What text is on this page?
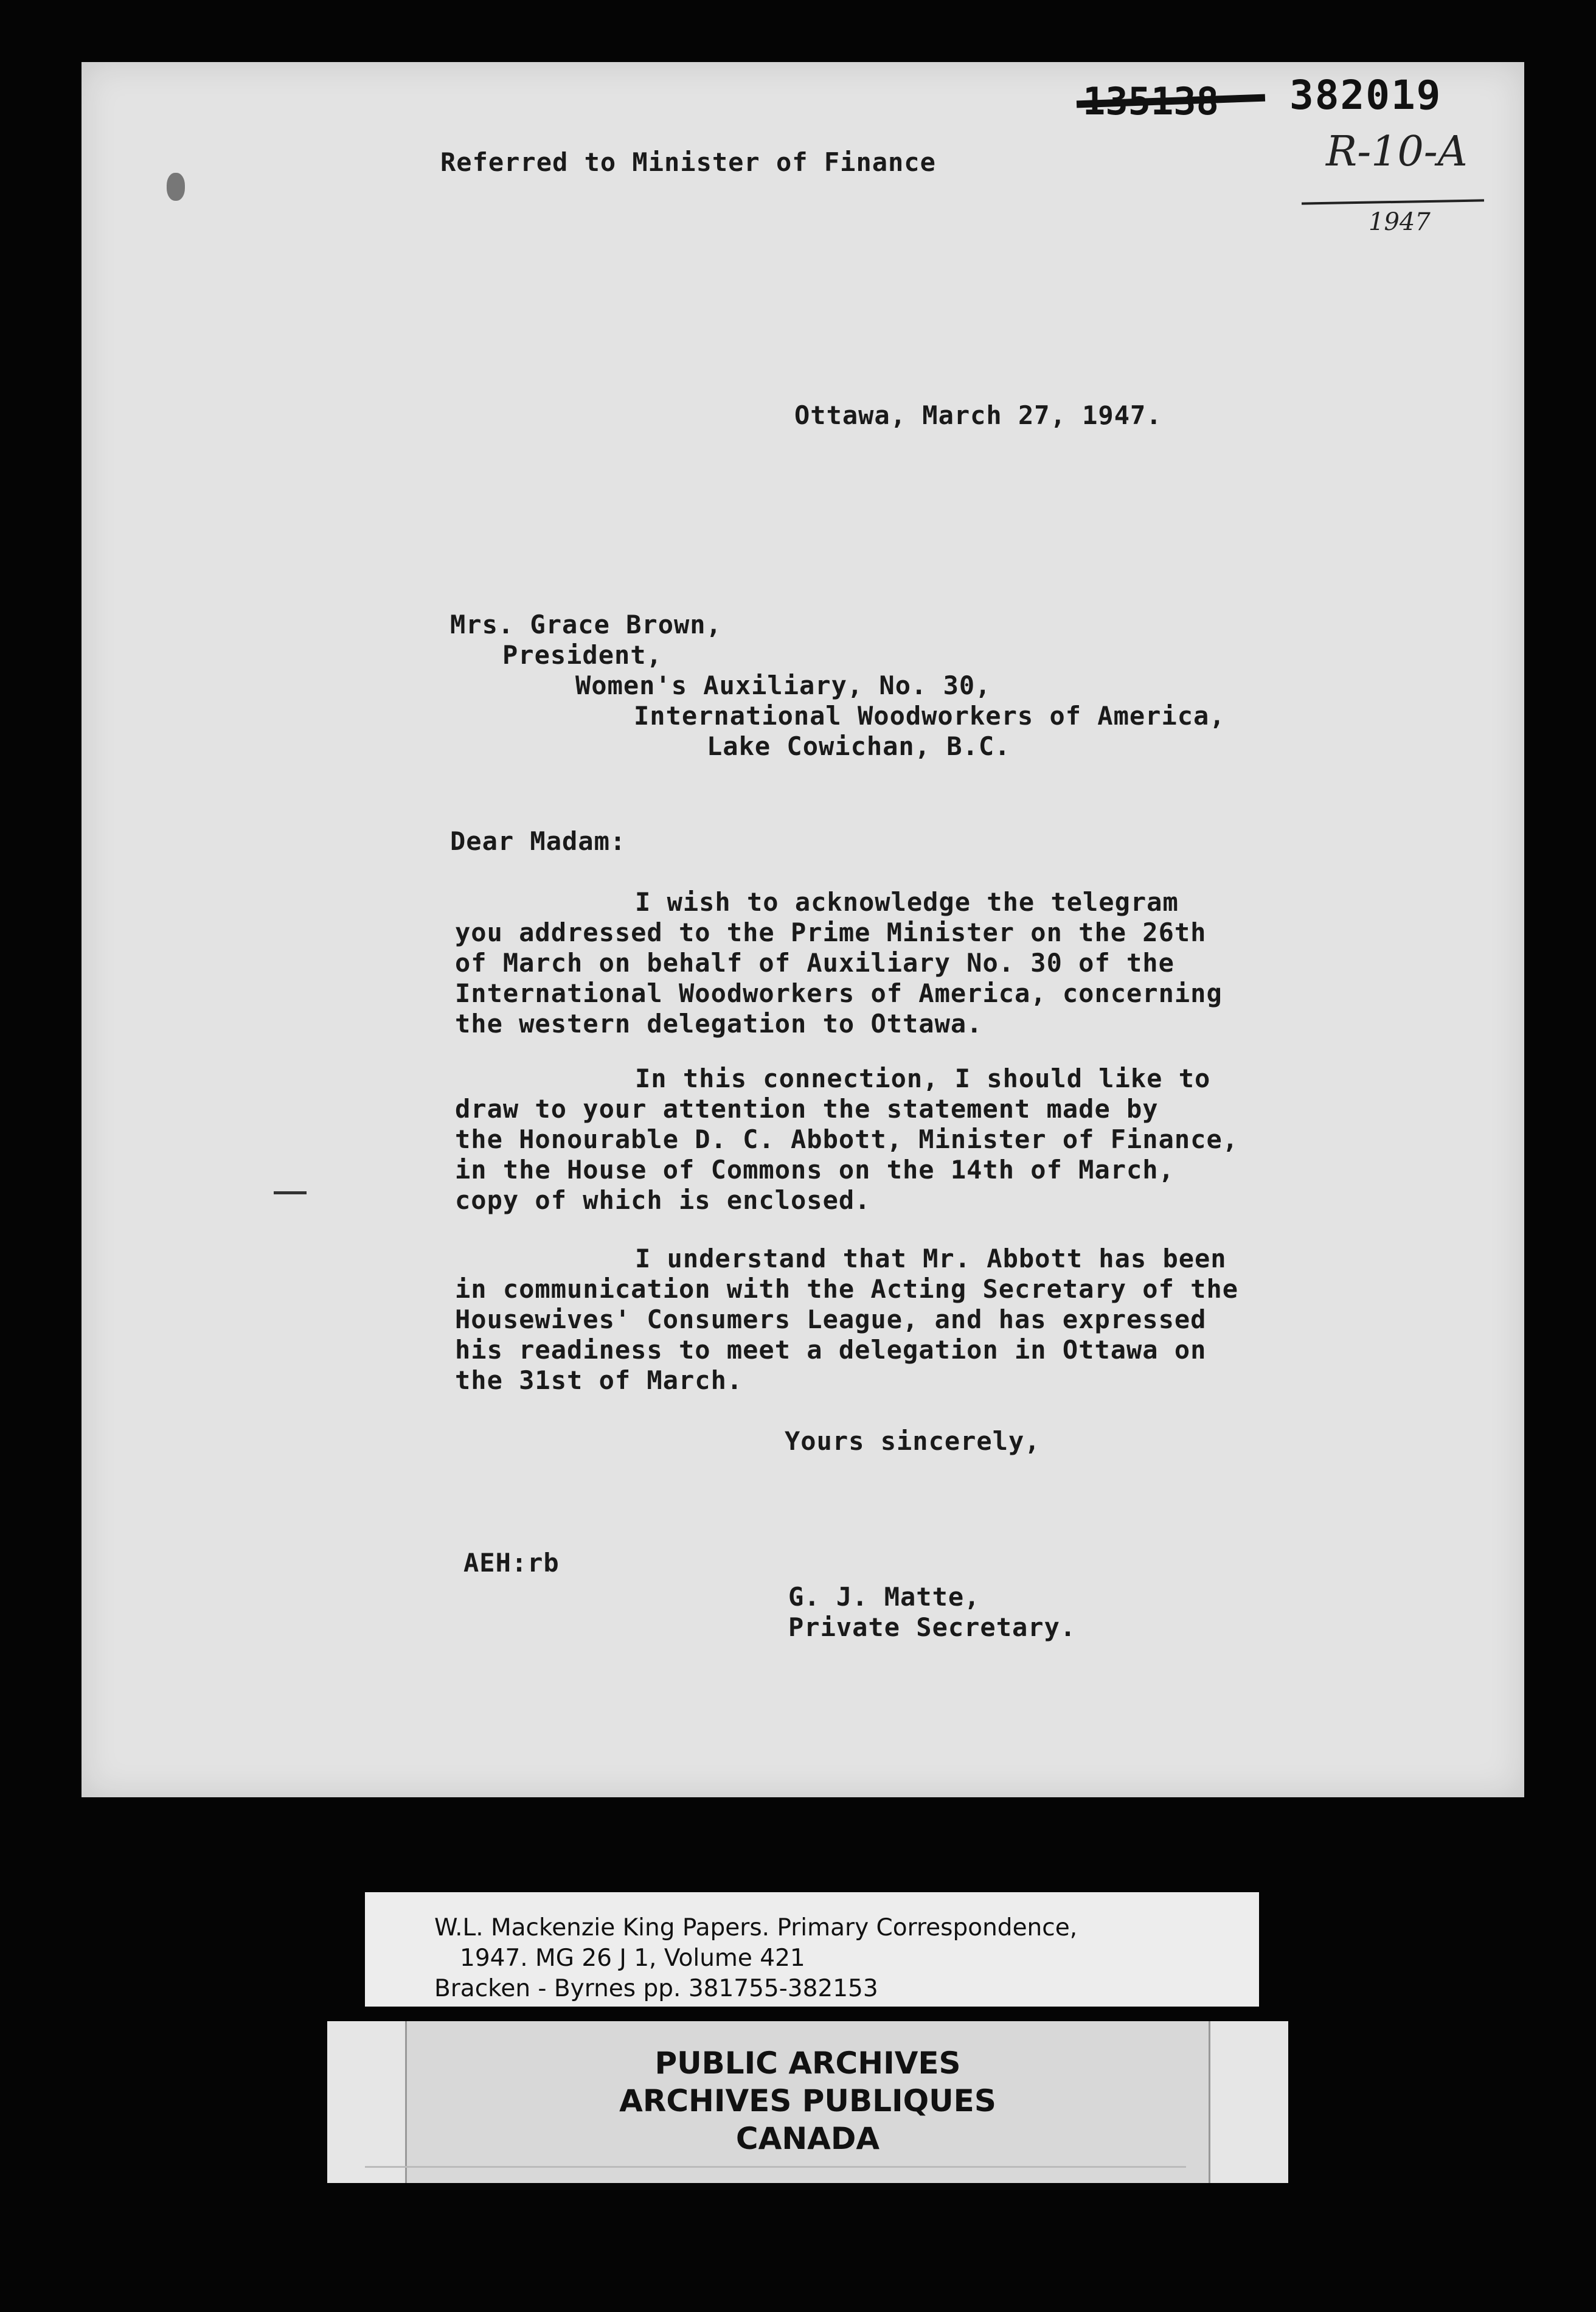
Referred to Minister of Finance
382019
R-10-A
1947
Ottawa, March 27, 1947.
Mrs. Grace Brown,
President,
Women's Auxiliary, No. 30,
International Woodworkers of America,
Lake Cowichan, B.C.
Dear Madam:
I wish to acknowledge the telegram
you addressed to the Prime Minister on the 26th
of March on behalf of Auxiliary No. 30 of the
International Woodworkers of America, concerning
the western delegation to Ottawa.
In this connection, I should like to
draw to your attention the statement made by
the Honourable D. C. Abbott, Minister of Finance,
in the House of Commons on the 14th of March,
copy of which is enclosed.
I understand that Mr. Abbott has been
in communication with the Acting Secretary of the
Housewives' Consumers League, and has expressed
his readiness to meet a delegation in Ottawa on
the 31st of March.
Yours sincerely,
AEH:rb
G. J. Matte,
Private Secretary.
W.L. Mackenzie King Papers. Primary Correspondence,
1947. MG 26 J 1, Volume 421
Bracken - Byrnes pp. 381755-382153
PUBLIC ARCHIVES
ARCHIVES PUBLIQUES
CANADA
